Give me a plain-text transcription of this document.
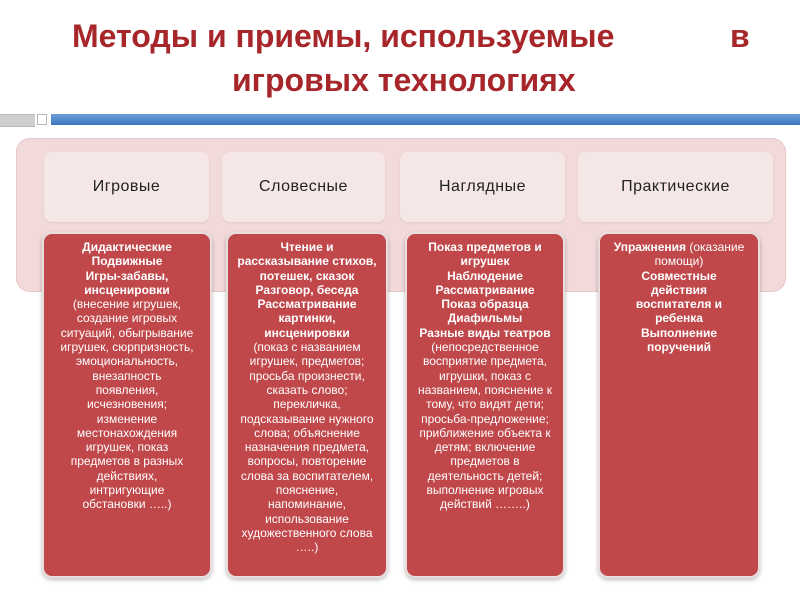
Методы и приемы, используемые	в
игровых технологиях
Игровые	Словесные	Наглядные	Практические
Дидактические
Подвижные
Игры-забавы,
инсценировки
(внесение игрушек,
создание игровых
ситуаций, обыгрывание
игрушек, сюрпризность,
эмоциональность,
внезапность
появления,
исчезновения;
изменение
местонахождения
игрушек, показ
предметов в разных
действиях,
интригующие
обстановки …..)
Чтение и
рассказывание стихов,
потешек, сказок
Разговор, беседа
Рассматривание
картинки,
инсценировки
(показ с названием
игрушек, предметов;
просьба произнести,
сказать слово;
перекличка,
подсказывание нужного
слова; объяснение
назначения предмета,
вопросы, повторение
слова за воспитателем,
пояснение,
напоминание,
использование
художественного слова
…..)
Показ предметов и
игрушек
Наблюдение
Рассматривание
Показ образца
Диафильмы
Разные виды театров
(непосредственное
восприятие предмета,
игрушки, показ с
названием, пояснение к
тому, что видят дети;
просьба-предложение;
приближение объекта к
детям; включение
предметов в
деятельность детей;
выполнение игровых
действий ……..)
Упражнения (оказание
помощи)
Совместные
действия
воспитателя и
ребенка
Выполнение
поручений
